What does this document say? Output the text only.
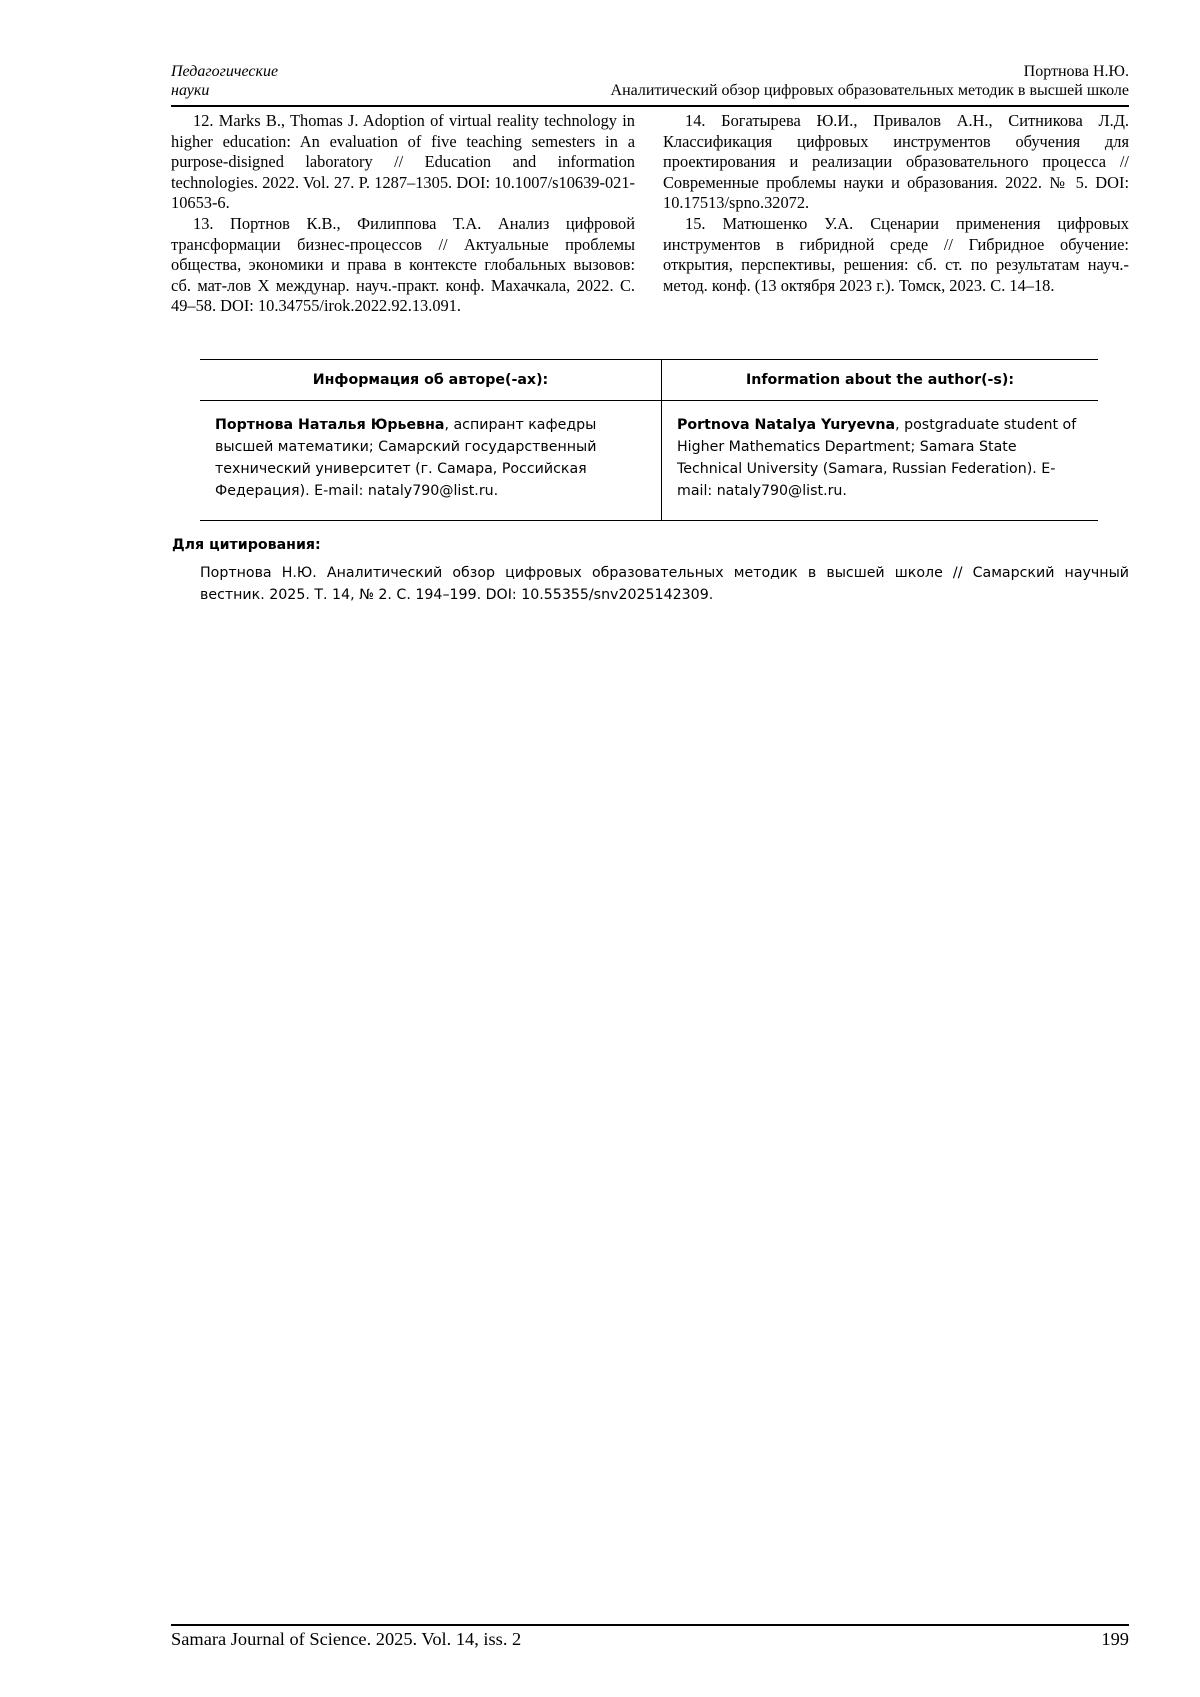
Педагогические
науки
Портнова Н.Ю.
Аналитический обзор цифровых образовательных методик в высшей школе

12. Marks B., Thomas J. Adoption of virtual reality technology in higher education: An evaluation of five teaching semesters in a purpose-disigned laboratory // Education and information technologies. 2022. Vol. 27. P. 1287–1305. DOI: 10.1007/s10639-021-10653-6.

13. Портнов К.В., Филиппова Т.А. Анализ цифровой трансформации бизнес-процессов // Актуальные проблемы общества, экономики и права в контексте глобальных вызовов: сб. мат-лов X междунар. науч.-практ. конф. Махачкала, 2022. С. 49–58. DOI: 10.34755/irok.2022.92.13.091.

14. Богатырева Ю.И., Привалов А.Н., Ситникова Л.Д. Классификация цифровых инструментов обучения для проектирования и реализации образовательного процесса // Современные проблемы науки и образования. 2022. № 5. DOI: 10.17513/spno.32072.

15. Матюшенко У.А. Сценарии применения цифровых инструментов в гибридной среде // Гибридное обучение: открытия, перспективы, решения: сб. ст. по результатам науч.-метод. конф. (13 октября 2023 г.). Томск, 2023. С. 14–18.

Информация об авторе(-ах):	Information about the author(-s):
Портнова Наталья Юрьевна, аспирант кафедры высшей математики; Самарский государственный технический университет (г. Самара, Российская Федерация). E-mail: nataly790@list.ru.	Portnova Natalya Yuryevna, postgraduate student of Higher Mathematics Department; Samara State Technical University (Samara, Russian Federation). E-mail: nataly790@list.ru.
Для цитирования:
Портнова Н.Ю. Аналитический обзор цифровых образовательных методик в высшей школе // Самарский научный вестник. 2025. Т. 14, № 2. С. 194–199. DOI: 10.55355/snv2025142309.
Samara Journal of Science. 2025. Vol. 14, iss. 2	199
